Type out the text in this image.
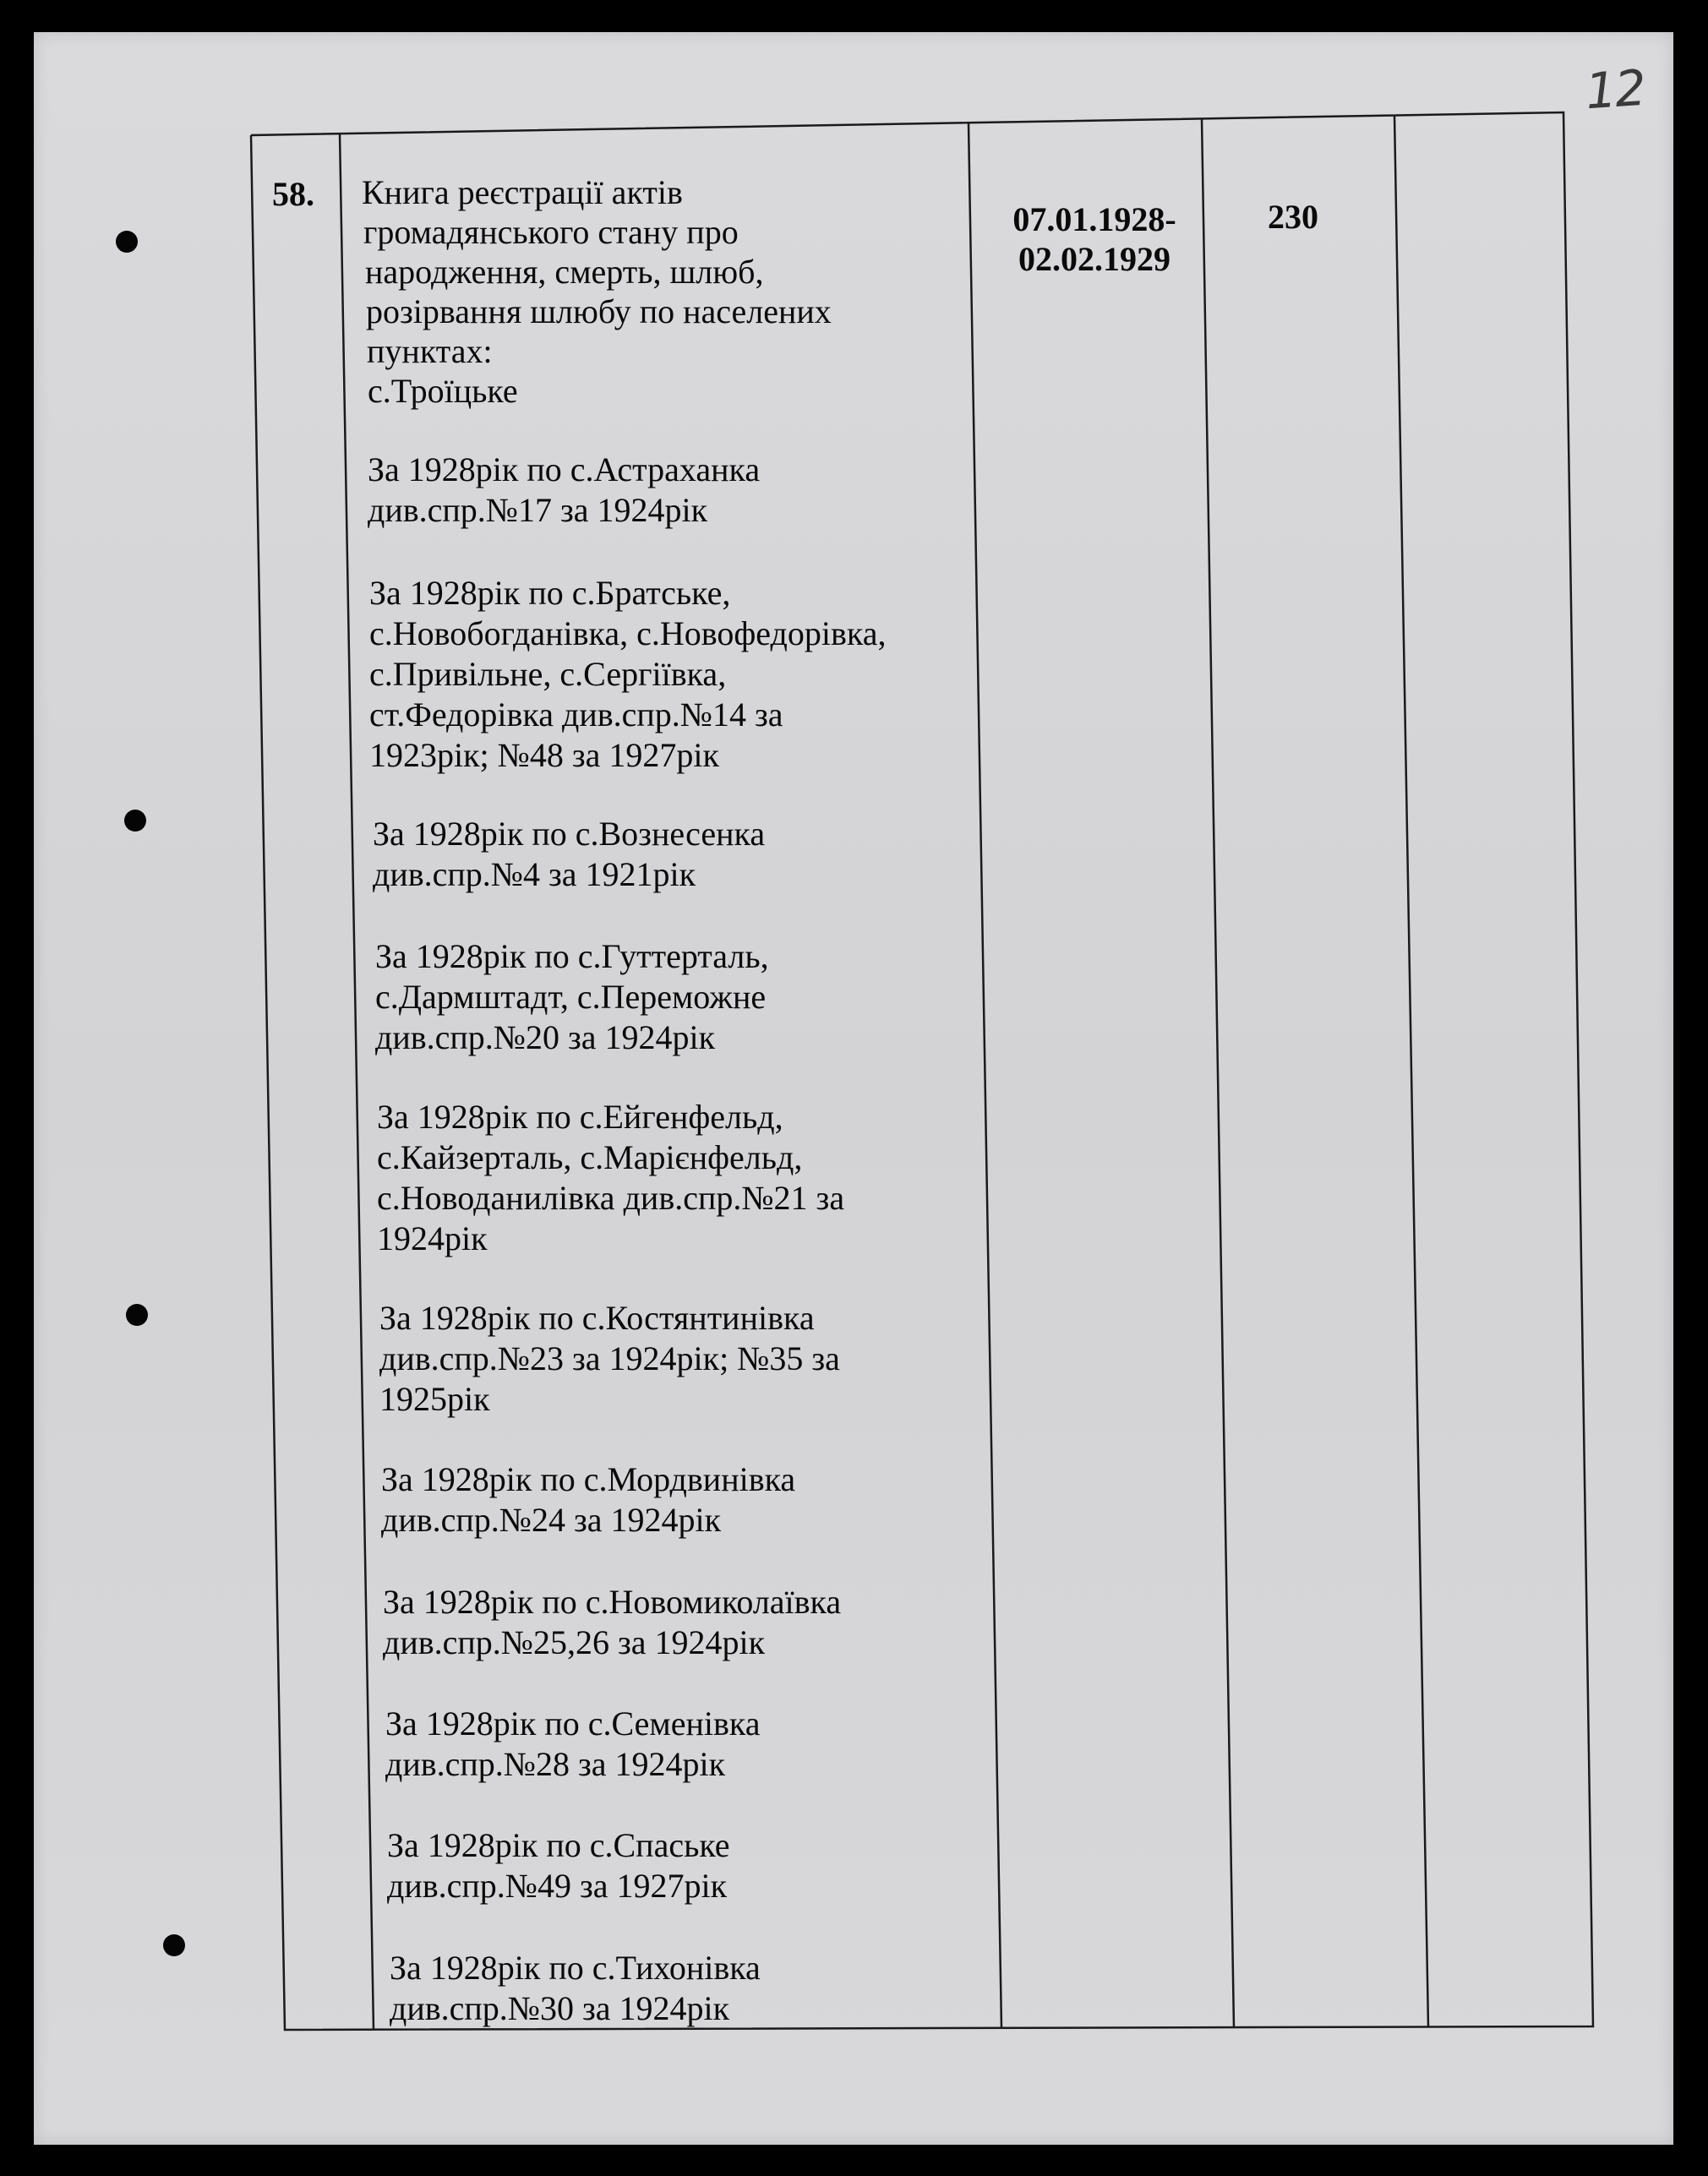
12
58. Книга реєстрації актів
громадянського стану про
народження, смерть, шлюб,
розірвання шлюбу по населених
пунктах:
с.Троїцьке
07.01.1928-
02.02.1929
230
За 1928рік по с.Астраханка
див.спр.№17 за 1924рік
За 1928рік по с.Братське,
с.Новобогданівка, с.Новофедорівка,
с.Привільне, с.Сергіївка,
ст.Федорівка див.спр.№14 за
1923рік; №48 за 1927рік
За 1928рік по с.Вознесенка
див.спр.№4 за 1921рік
За 1928рік по с.Гуттерталь,
с.Дармштадт, с.Переможне
див.спр.№20 за 1924рік
За 1928рік по с.Ейгенфельд,
с.Кайзерталь, с.Марієнфельд,
с.Новоданилівка див.спр.№21 за
1924рік
За 1928рік по с.Костянтинівка
див.спр.№23 за 1924рік; №35 за
1925рік
За 1928рік по с.Мордвинівка
див.спр.№24 за 1924рік
За 1928рік по с.Новомиколаївка
див.спр.№25,26 за 1924рік
За 1928рік по с.Семенівка
див.спр.№28 за 1924рік
За 1928рік по с.Спаське
див.спр.№49 за 1927рік
За 1928рік по с.Тихонівка
див.спр.№30 за 1924рік
